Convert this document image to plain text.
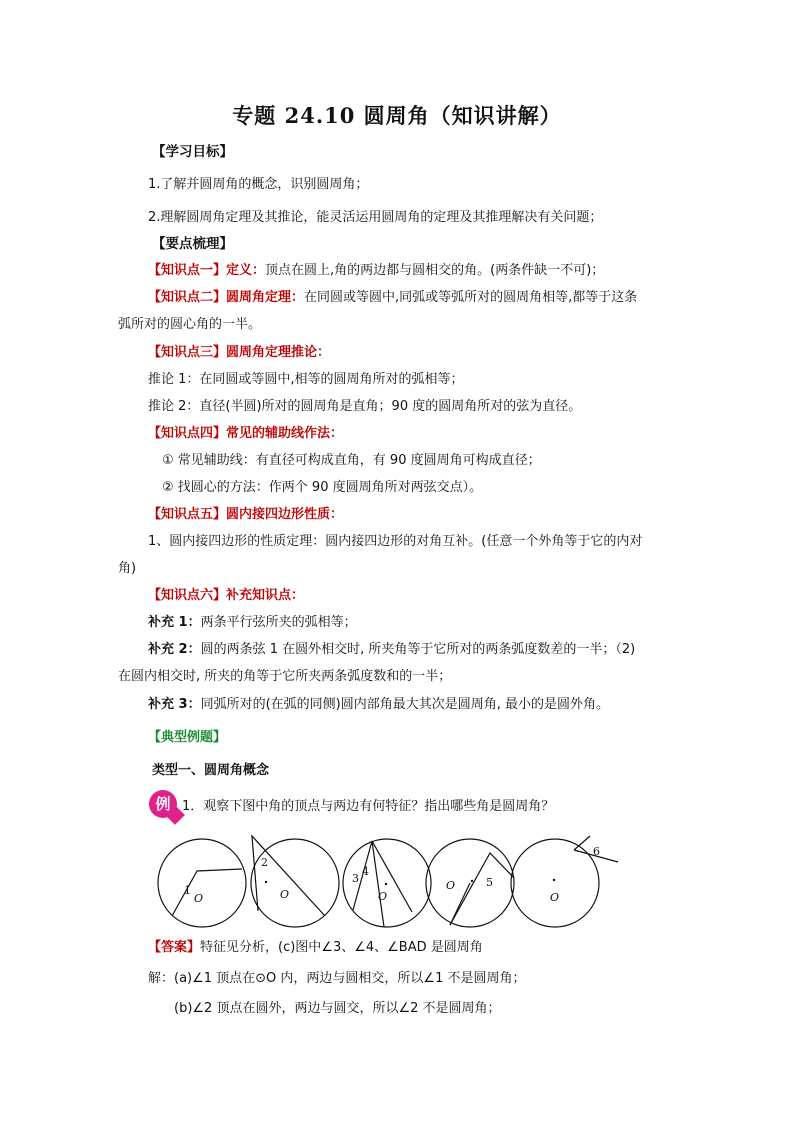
专题 24.10 圆周角（知识讲解）
【学习目标】
1.了解并圆周角的概念，识别圆周角；
2.理解圆周角定理及其推论，能灵活运用圆周角的定理及其推理解决有关问题；
【要点梳理】
【知识点一】定义：顶点在圆上,角的两边都与圆相交的角。(两条件缺一不可)；
【知识点二】圆周角定理：在同圆或等圆中,同弧或等弧所对的圆周角相等,都等于这条
弧所对的圆心角的一半。
【知识点三】圆周角定理推论：
推论 1：在同圆或等圆中,相等的圆周角所对的弧相等；
推论 2：直径(半圆)所对的圆周角是直角；90 度的圆周角所对的弦为直径。
【知识点四】常见的辅助线作法：
① 常见辅助线：有直径可构成直角，有 90 度圆周角可构成直径；
② 找圆心的方法：作两个 90 度圆周角所对两弦交点）。
【知识点五】圆内接四边形性质：
1、圆内接四边形的性质定理：圆内接四边形的对角互补。(任意一个外角等于它的内对
角)
【知识点六】补充知识点：
补充 1：两条平行弦所夹的弧相等；
补充 2：圆的两条弦 1 在圆外相交时, 所夹角等于它所对的两条弧度数差的一半；（2)
在圆内相交时, 所夹的角等于它所夹两条弧度数和的一半；
补充 3：同弧所对的(在弧的同侧)圆内部角最大其次是圆周角, 最小的是圆外角。
【典型例题】
类型一、圆周角概念
例 1．观察下图中角的顶点与两边有何特征？指出哪些角是圆周角？
1
O
2
O
3
4
O
O	5
6
O
【答案】特征见分析，(c)图中∠3、∠4、∠BAD 是圆周角
解：(a)∠1 顶点在⊙O 内，两边与圆相交，所以∠1 不是圆周角；
(b)∠2 顶点在圆外，两边与圆交，所以∠2 不是圆周角；
